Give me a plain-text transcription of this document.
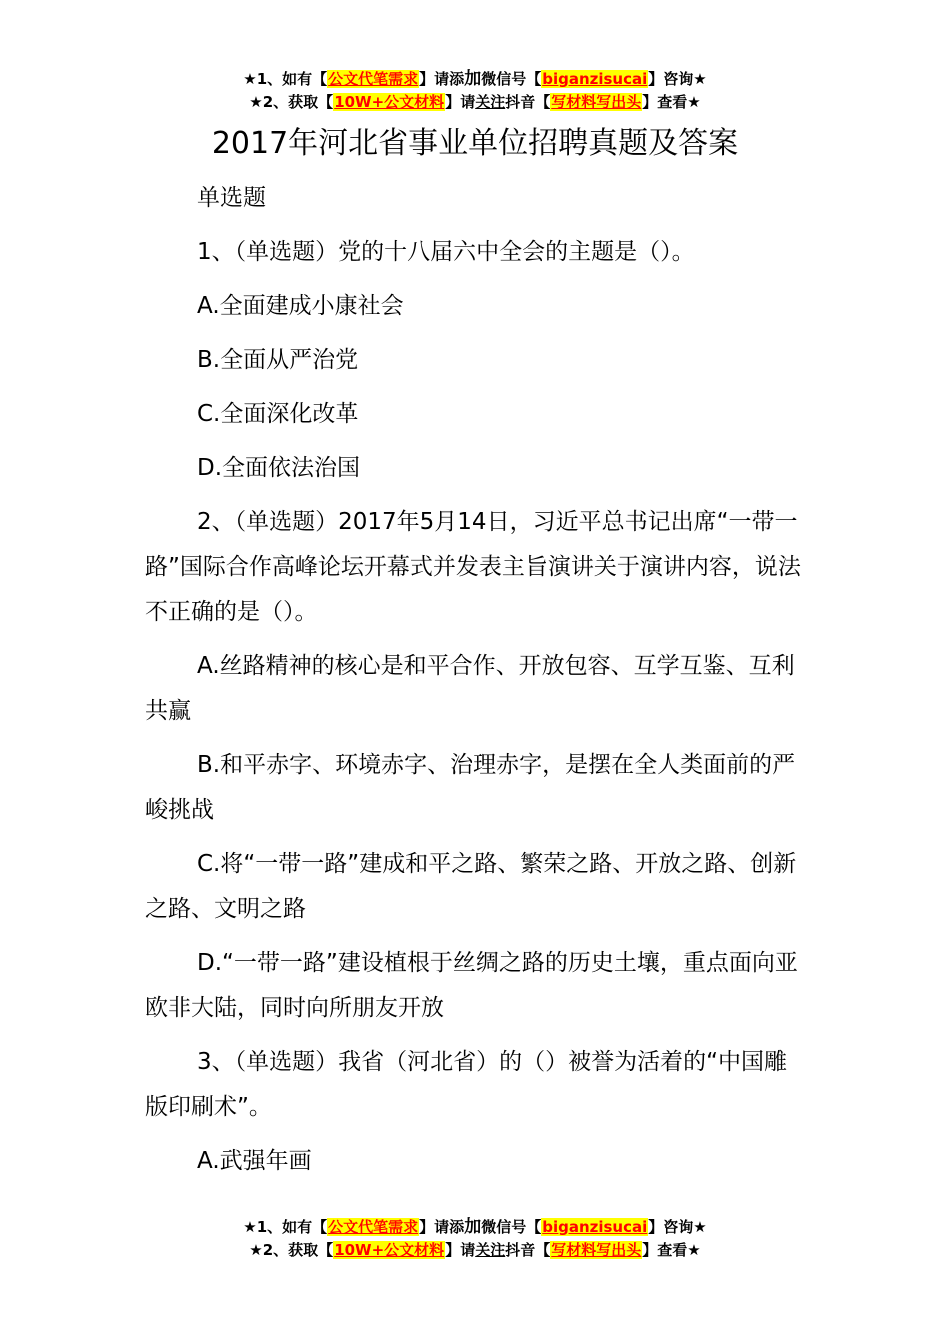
★1、如有【公文代笔需求】请添加微信号【biganzisucai】咨询★
★2、获取【10W+公文材料】请关注抖音【写材料写出头】查看★
2017年河北省事业单位招聘真题及答案

单选题

1、（单选题）党的十八届六中全会的主题是（）。

A.全面建成小康社会

B.全面从严治党

C.全面深化改革

D.全面依法治国

2、（单选题）2017年5月14日，习近平总书记出席“一带一路”国际合作高峰论坛开幕式并发表主旨演讲关于演讲内容，说法不正确的是（）。

A.丝路精神的核心是和平合作、开放包容、互学互鉴、互利共赢

B.和平赤字、环境赤字、治理赤字，是摆在全人类面前的严峻挑战

C.将“一带一路”建成和平之路、繁荣之路、开放之路、创新之路、文明之路

D.“一带一路”建设植根于丝绸之路的历史土壤，重点面向亚欧非大陆，同时向所朋友开放

3、（单选题）我省（河北省）的（）被誉为活着的“中国雕版印刷术”。

A.武强年画

★1、如有【公文代笔需求】请添加微信号【biganzisucai】咨询★
★2、获取【10W+公文材料】请关注抖音【写材料写出头】查看★
